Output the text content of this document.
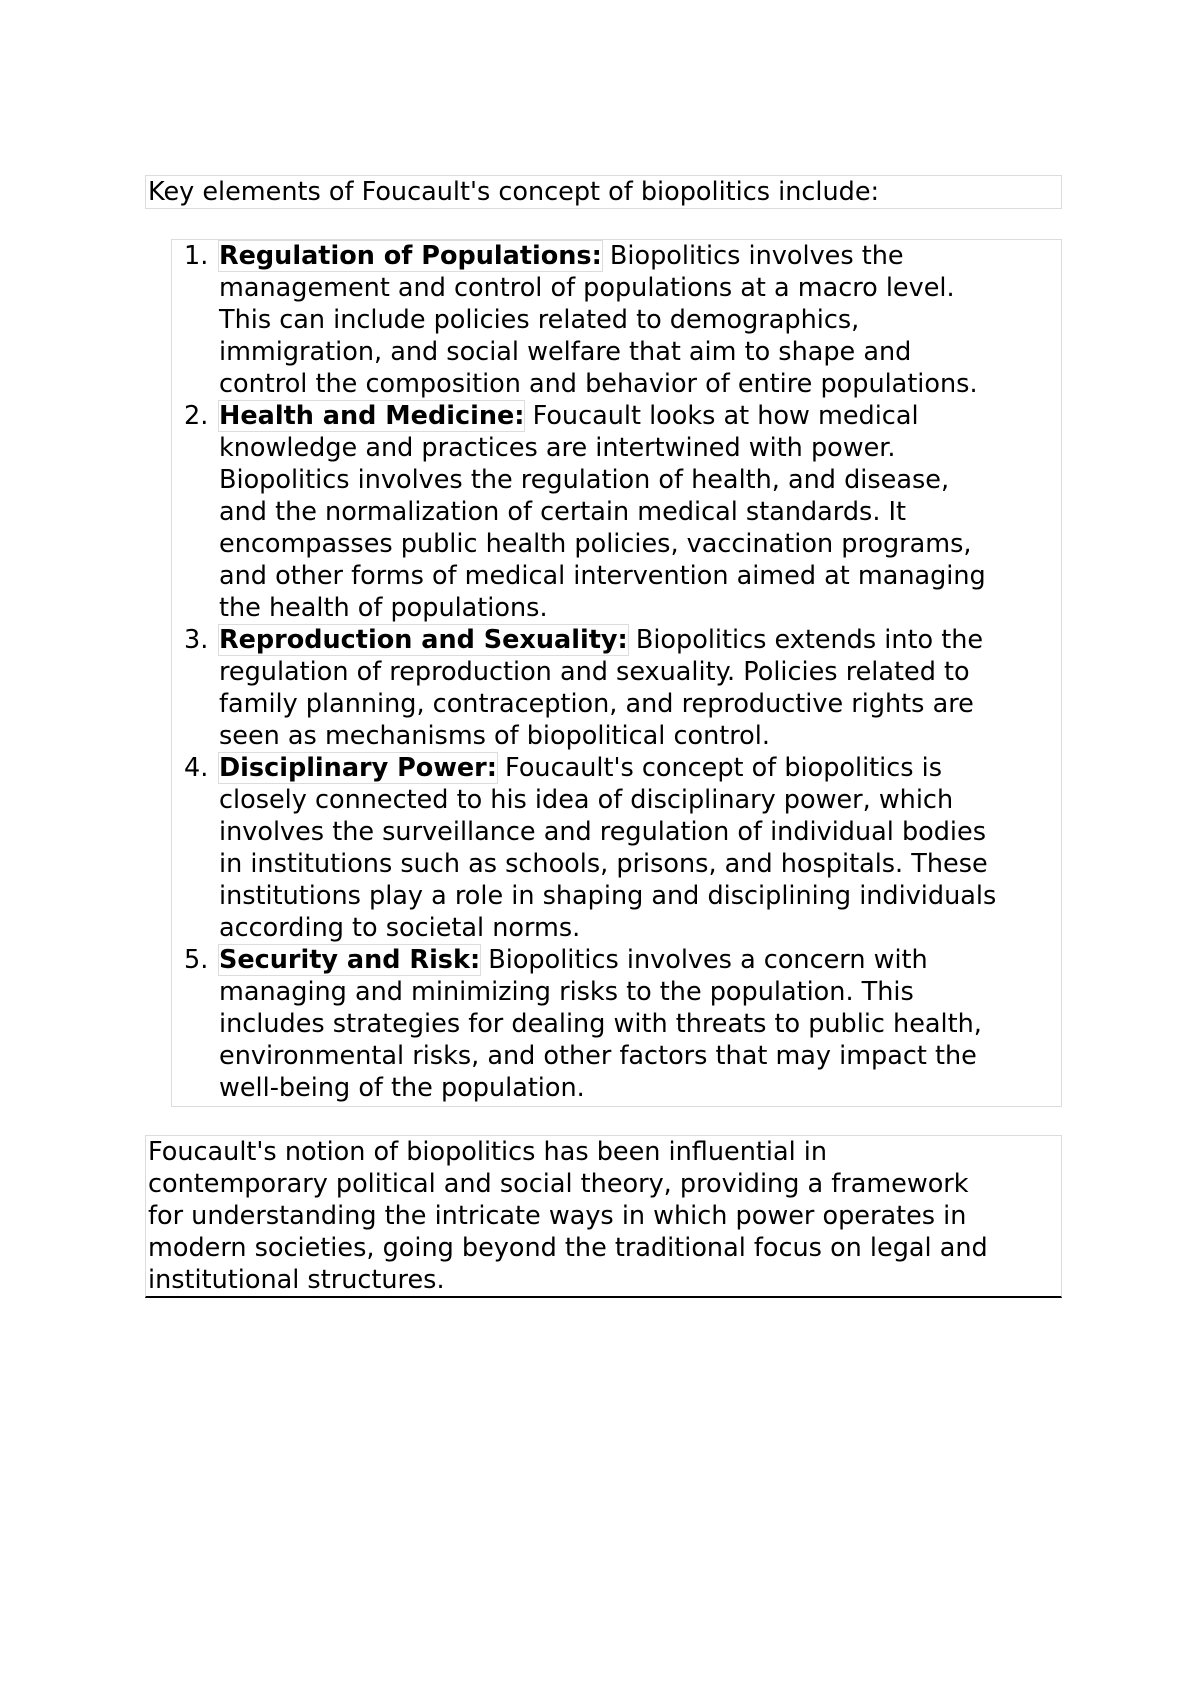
Key elements of Foucault's concept of biopolitics include:
1. Regulation of Populations: Biopolitics involves the
management and control of populations at a macro level.
This can include policies related to demographics,
immigration, and social welfare that aim to shape and
control the composition and behavior of entire populations.
2. Health and Medicine: Foucault looks at how medical
knowledge and practices are intertwined with power.
Biopolitics involves the regulation of health, and disease,
and the normalization of certain medical standards. It
encompasses public health policies, vaccination programs,
and other forms of medical intervention aimed at managing
the health of populations.
3. Reproduction and Sexuality: Biopolitics extends into the
regulation of reproduction and sexuality. Policies related to
family planning, contraception, and reproductive rights are
seen as mechanisms of biopolitical control.
4. Disciplinary Power: Foucault's concept of biopolitics is
closely connected to his idea of disciplinary power, which
involves the surveillance and regulation of individual bodies
in institutions such as schools, prisons, and hospitals. These
institutions play a role in shaping and disciplining individuals
according to societal norms.
5. Security and Risk: Biopolitics involves a concern with
managing and minimizing risks to the population. This
includes strategies for dealing with threats to public health,
environmental risks, and other factors that may impact the
well-being of the population.
Foucault's notion of biopolitics has been influential in
contemporary political and social theory, providing a framework
for understanding the intricate ways in which power operates in
modern societies, going beyond the traditional focus on legal and
institutional structures.
